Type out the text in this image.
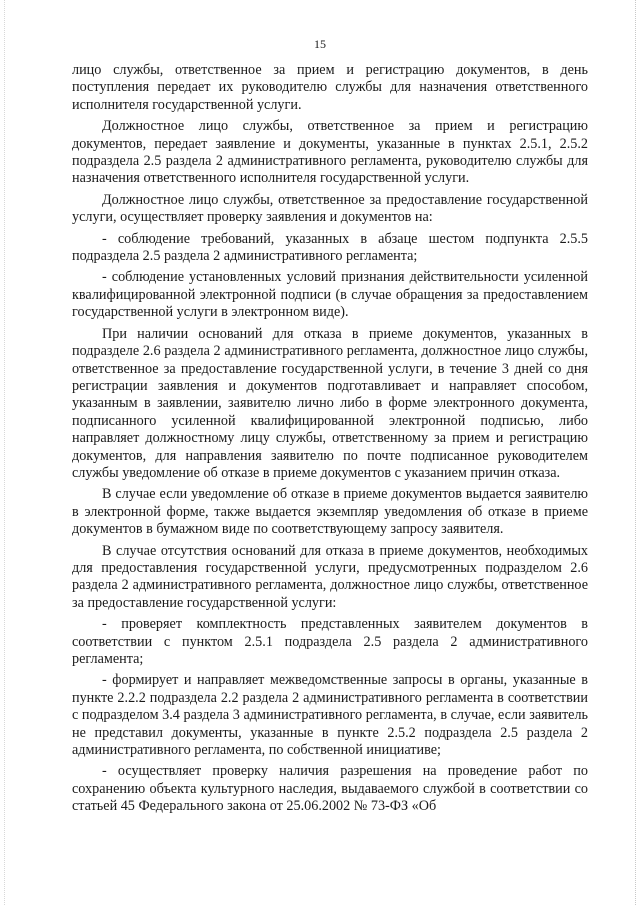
15

лицо службы, ответственное за прием и регистрацию документов, в день поступления передает их руководителю службы для назначения ответственного исполнителя государственной услуги.

Должностное лицо службы, ответственное за прием и регистрацию документов, передает заявление и документы, указанные в пунктах 2.5.1, 2.5.2 подраздела 2.5 раздела 2 административного регламента, руководителю службы для назначения ответственного исполнителя государственной услуги.

Должностное лицо службы, ответственное за предоставление государственной услуги, осуществляет проверку заявления и документов на:

- соблюдение требований, указанных в абзаце шестом подпункта 2.5.5 подраздела 2.5 раздела 2 административного регламента;

- соблюдение установленных условий признания действительности усиленной квалифицированной электронной подписи (в случае обращения за предоставлением государственной услуги в электронном виде).

При наличии оснований для отказа в приеме документов, указанных в подразделе 2.6 раздела 2 административного регламента, должностное лицо службы, ответственное за предоставление государственной услуги, в течение 3 дней со дня регистрации заявления и документов подготавливает и направляет способом, указанным в заявлении, заявителю лично либо в форме электронного документа, подписанного усиленной квалифицированной электронной подписью, либо направляет должностному лицу службы, ответственному за прием и регистрацию документов, для направления заявителю по почте подписанное руководителем службы уведомление об отказе в приеме документов с указанием причин отказа.

В случае если уведомление об отказе в приеме документов выдается заявителю в электронной форме, также выдается экземпляр уведомления об отказе в приеме документов в бумажном виде по соответствующему запросу заявителя.

В случае отсутствия оснований для отказа в приеме документов, необходимых для предоставления государственной услуги, предусмотренных подразделом 2.6 раздела 2 административного регламента, должностное лицо службы, ответственное за предоставление государственной услуги:

- проверяет комплектность представленных заявителем документов в соответствии с пунктом 2.5.1 подраздела 2.5 раздела 2 административного регламента;

- формирует и направляет межведомственные запросы в органы, указанные в пункте 2.2.2 подраздела 2.2 раздела 2 административного регламента в соответствии с подразделом 3.4 раздела 3 административного регламента, в случае, если заявитель не представил документы, указанные в пункте 2.5.2 подраздела 2.5 раздела 2 административного регламента, по собственной инициативе;

- осуществляет проверку наличия разрешения на проведение работ по сохранению объекта культурного наследия, выдаваемого службой в соответствии со статьей 45 Федерального закона от 25.06.2002 № 73-ФЗ «Об
